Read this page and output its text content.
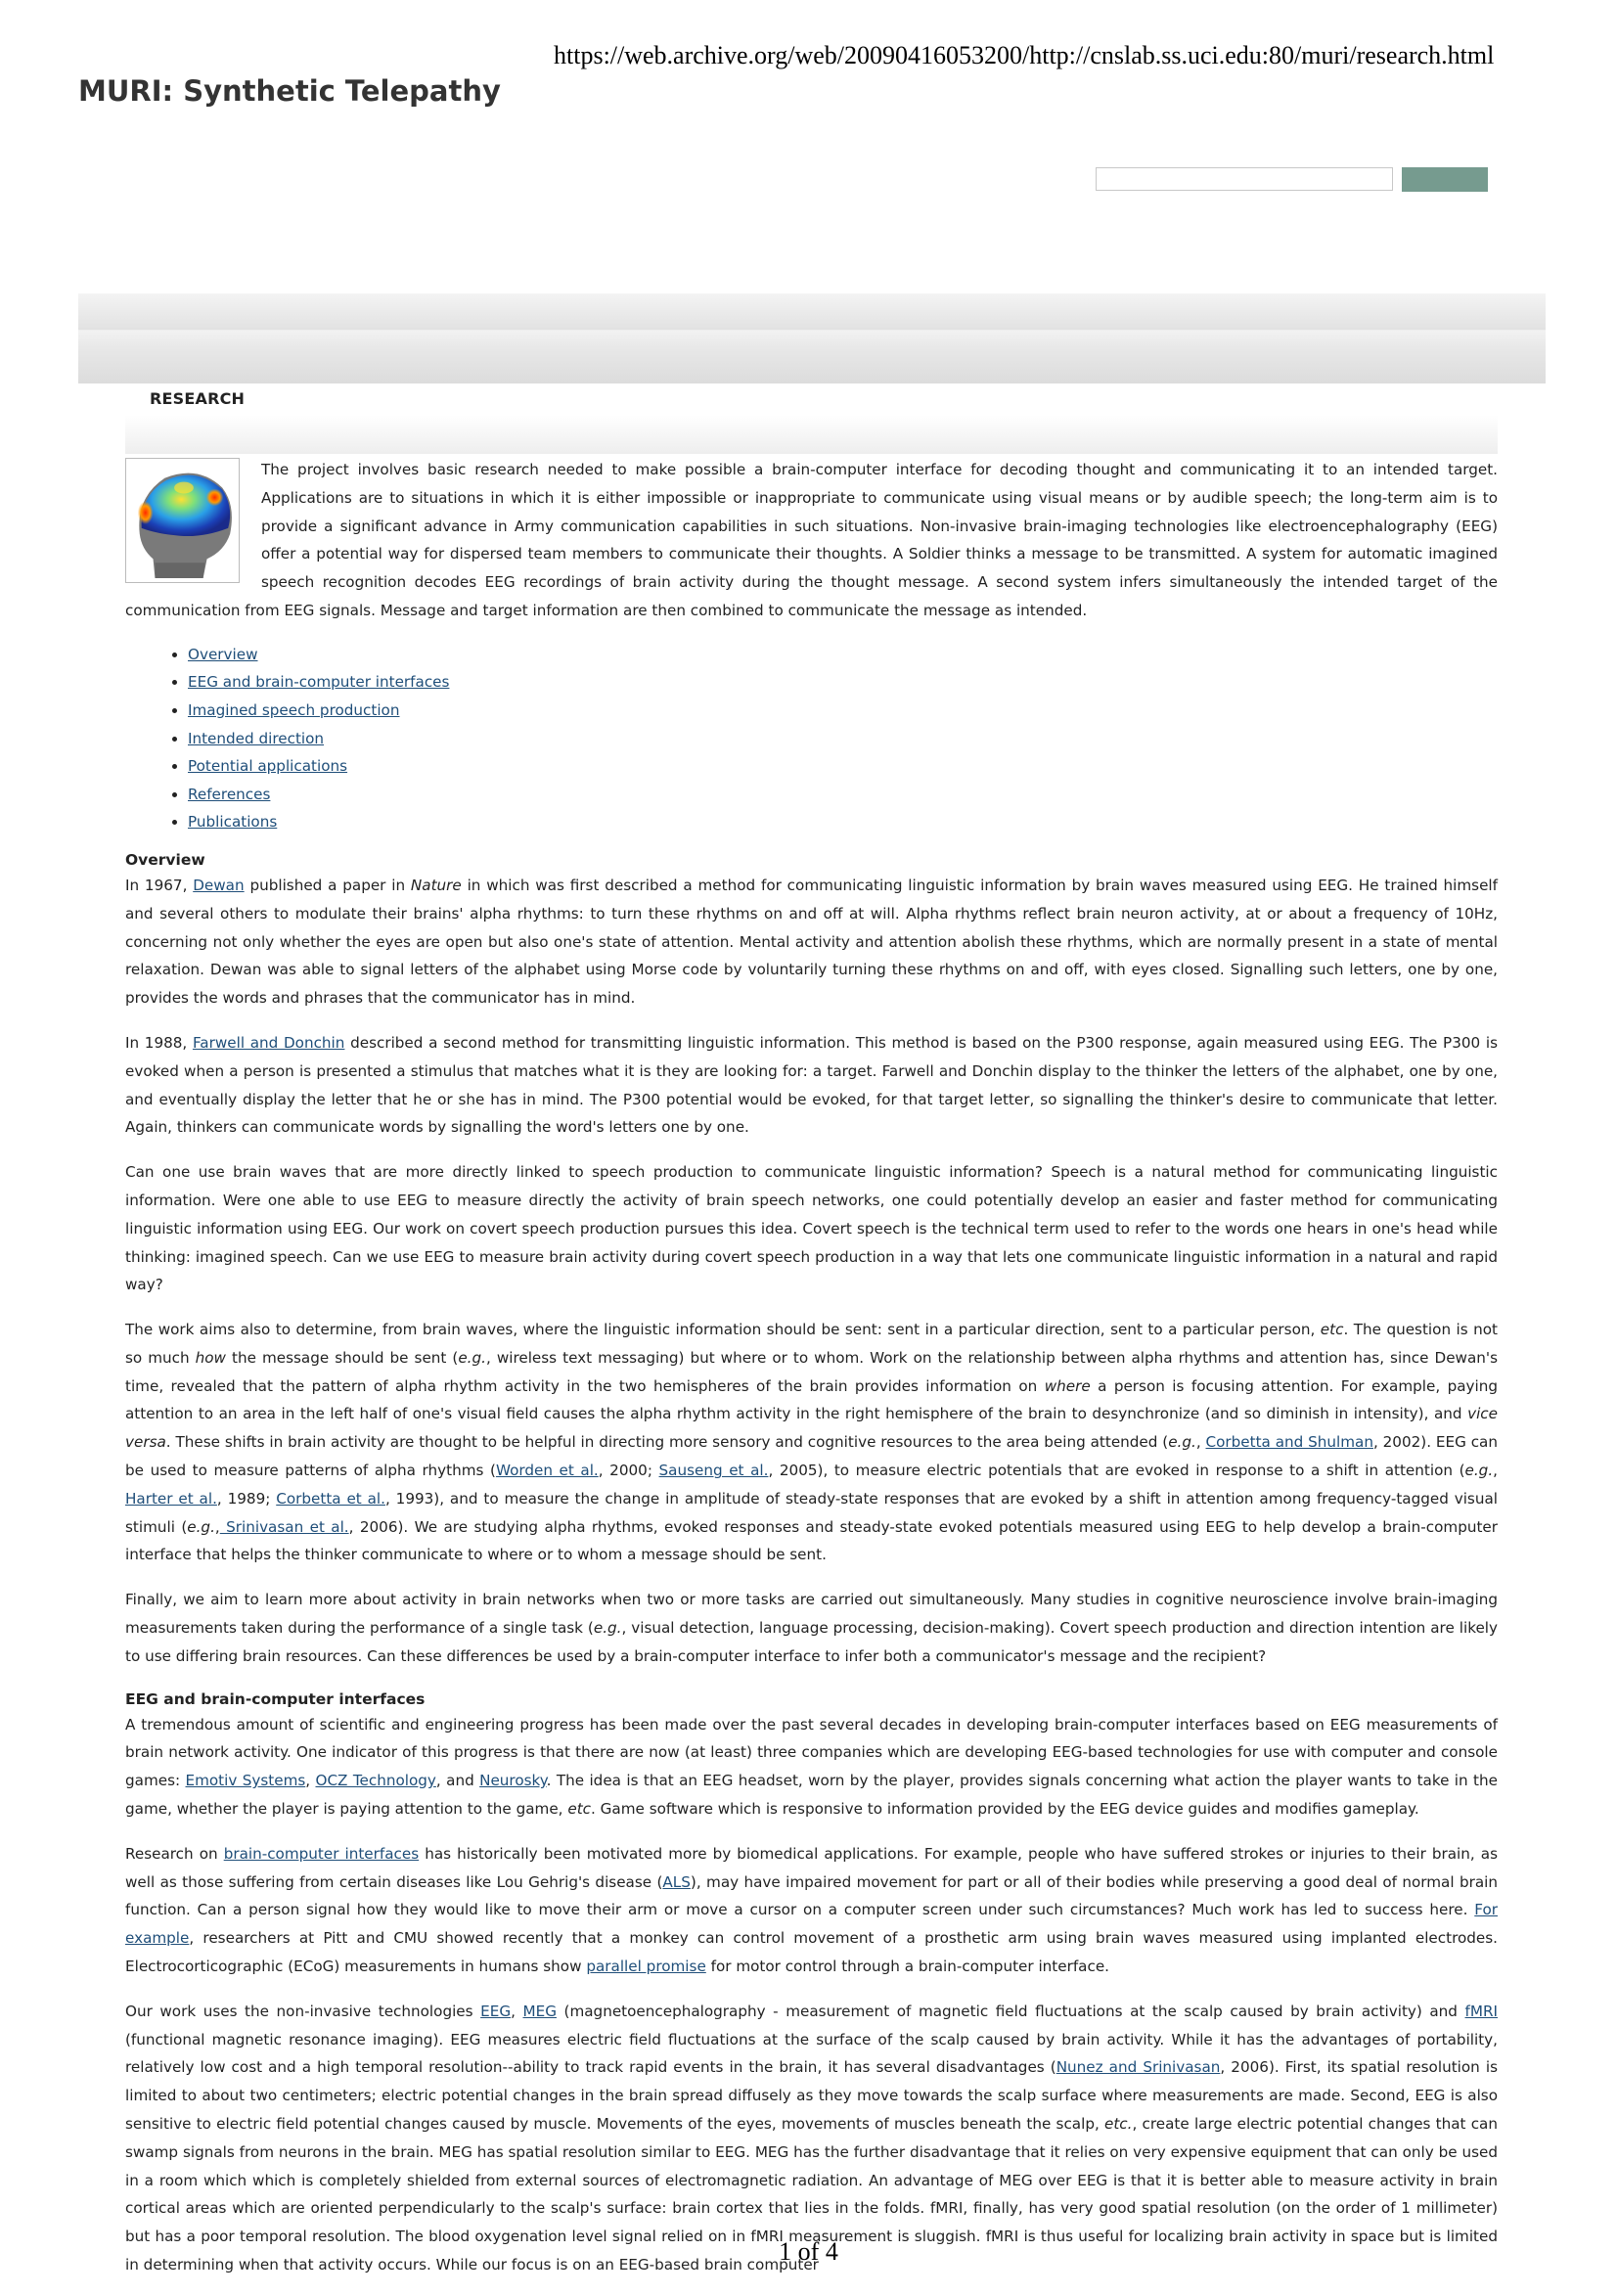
https://web.archive.org/web/20090416053200/http://cnslab.ss.uci.edu:80/muri/research.html
MURI: Synthetic Telepathy
RESEARCH
The project involves basic research needed to make possible a brain-computer interface for decoding thought and communicating it to an intended target. Applications are to situations in which it is either impossible or inappropriate to communicate using visual means or by audible speech; the long-term aim is to provide a significant advance in Army communication capabilities in such situations. Non-invasive brain-imaging technologies like electroencephalography (EEG) offer a potential way for dispersed team members to communicate their thoughts. A Soldier thinks a message to be transmitted. A system for automatic imagined speech recognition decodes EEG recordings of brain activity during the thought message. A second system infers simultaneously the intended target of the communication from EEG signals. Message and target information are then combined to communicate the message as intended.
• Overview
• EEG and brain-computer interfaces
• Imagined speech production
• Intended direction
• Potential applications
• References
• Publications
Overview

In 1967, Dewan published a paper in Nature in which was first described a method for communicating linguistic information by brain waves measured using EEG. He trained himself and several others to modulate their brains' alpha rhythms: to turn these rhythms on and off at will. Alpha rhythms reflect brain neuron activity, at or about a frequency of 10Hz, concerning not only whether the eyes are open but also one's state of attention. Mental activity and attention abolish these rhythms, which are normally present in a state of mental relaxation. Dewan was able to signal letters of the alphabet using Morse code by voluntarily turning these rhythms on and off, with eyes closed. Signalling such letters, one by one, provides the words and phrases that the communicator has in mind.

In 1988, Farwell and Donchin described a second method for transmitting linguistic information. This method is based on the P300 response, again measured using EEG. The P300 is evoked when a person is presented a stimulus that matches what it is they are looking for: a target. Farwell and Donchin display to the thinker the letters of the alphabet, one by one, and eventually display the letter that he or she has in mind. The P300 potential would be evoked, for that target letter, so signalling the thinker's desire to communicate that letter. Again, thinkers can communicate words by signalling the word's letters one by one.

Can one use brain waves that are more directly linked to speech production to communicate linguistic information? Speech is a natural method for communicating linguistic information. Were one able to use EEG to measure directly the activity of brain speech networks, one could potentially develop an easier and faster method for communicating linguistic information using EEG. Our work on covert speech production pursues this idea. Covert speech is the technical term used to refer to the words one hears in one's head while thinking: imagined speech. Can we use EEG to measure brain activity during covert speech production in a way that lets one communicate linguistic information in a natural and rapid way?

The work aims also to determine, from brain waves, where the linguistic information should be sent: sent in a particular direction, sent to a particular person, etc. The question is not so much how the message should be sent (e.g., wireless text messaging) but where or to whom. Work on the relationship between alpha rhythms and attention has, since Dewan's time, revealed that the pattern of alpha rhythm activity in the two hemispheres of the brain provides information on where a person is focusing attention. For example, paying attention to an area in the left half of one's visual field causes the alpha rhythm activity in the right hemisphere of the brain to desynchronize (and so diminish in intensity), and vice versa. These shifts in brain activity are thought to be helpful in directing more sensory and cognitive resources to the area being attended (e.g., Corbetta and Shulman, 2002). EEG can be used to measure patterns of alpha rhythms (Worden et al., 2000; Sauseng et al., 2005), to measure electric potentials that are evoked in response to a shift in attention (e.g., Harter et al., 1989; Corbetta et al., 1993), and to measure the change in amplitude of steady-state responses that are evoked by a shift in attention among frequency-tagged visual stimuli (e.g., Srinivasan et al., 2006). We are studying alpha rhythms, evoked responses and steady-state evoked potentials measured using EEG to help develop a brain-computer interface that helps the thinker communicate to where or to whom a message should be sent.

Finally, we aim to learn more about activity in brain networks when two or more tasks are carried out simultaneously. Many studies in cognitive neuroscience involve brain-imaging measurements taken during the performance of a single task (e.g., visual detection, language processing, decision-making). Covert speech production and direction intention are likely to use differing brain resources. Can these differences be used by a brain-computer interface to infer both a communicator's message and the recipient?

EEG and brain-computer interfaces

A tremendous amount of scientific and engineering progress has been made over the past several decades in developing brain-computer interfaces based on EEG measurements of brain network activity. One indicator of this progress is that there are now (at least) three companies which are developing EEG-based technologies for use with computer and console games: Emotiv Systems, OCZ Technology, and Neurosky. The idea is that an EEG headset, worn by the player, provides signals concerning what action the player wants to take in the game, whether the player is paying attention to the game, etc. Game software which is responsive to information provided by the EEG device guides and modifies gameplay.

Research on brain-computer interfaces has historically been motivated more by biomedical applications. For example, people who have suffered strokes or injuries to their brain, as well as those suffering from certain diseases like Lou Gehrig's disease (ALS), may have impaired movement for part or all of their bodies while preserving a good deal of normal brain function. Can a person signal how they would like to move their arm or move a cursor on a computer screen under such circumstances? Much work has led to success here. For example, researchers at Pitt and CMU showed recently that a monkey can control movement of a prosthetic arm using brain waves measured using implanted electrodes. Electrocorticographic (ECoG) measurements in humans show parallel promise for motor control through a brain-computer interface.

Our work uses the non-invasive technologies EEG, MEG (magnetoencephalography - measurement of magnetic field fluctuations at the scalp caused by brain activity) and fMRI (functional magnetic resonance imaging). EEG measures electric field fluctuations at the surface of the scalp caused by brain activity. While it has the advantages of portability, relatively low cost and a high temporal resolution--ability to track rapid events in the brain, it has several disadvantages (Nunez and Srinivasan, 2006). First, its spatial resolution is limited to about two centimeters; electric potential changes in the brain spread diffusely as they move towards the scalp surface where measurements are made. Second, EEG is also sensitive to electric field potential changes caused by muscle. Movements of the eyes, movements of muscles beneath the scalp, etc., create large electric potential changes that can swamp signals from neurons in the brain. MEG has spatial resolution similar to EEG. MEG has the further disadvantage that it relies on very expensive equipment that can only be used in a room which which is completely shielded from external sources of electromagnetic radiation. An advantage of MEG over EEG is that it is better able to measure activity in brain cortical areas which are oriented perpendicularly to the scalp's surface: brain cortex that lies in the folds. fMRI, finally, has very good spatial resolution (on the order of 1 millimeter) but has a poor temporal resolution. The blood oxygenation level signal relied on in fMRI measurement is sluggish. fMRI is thus useful for localizing brain activity in space but is limited in determining when that activity occurs. While our focus is on an EEG-based brain computer

1 of 4
